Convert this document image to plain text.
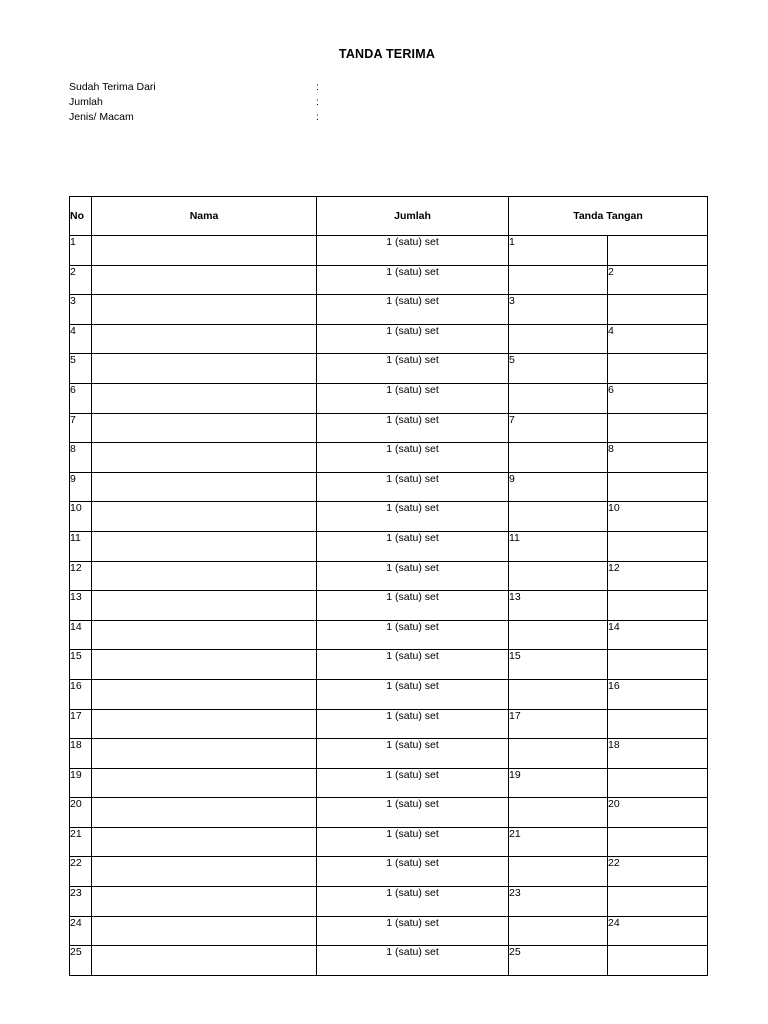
TANDA TERIMA
Sudah Terima Dari	:
Jumlah	:
Jenis/ Macam	:
No	Nama	Jumlah	Tanda Tangan	
1		1 (satu) set	1	
2		1 (satu) set		2
3		1 (satu) set	3	
4		1 (satu) set		4
5		1 (satu) set	5	
6		1 (satu) set		6
7		1 (satu) set	7	
8		1 (satu) set		8
9		1 (satu) set	9	
10		1 (satu) set		10
11		1 (satu) set	11	
12		1 (satu) set		12
13		1 (satu) set	13	
14		1 (satu) set		14
15		1 (satu) set	15	
16		1 (satu) set		16
17		1 (satu) set	17	
18		1 (satu) set		18
19		1 (satu) set	19	
20		1 (satu) set		20
21		1 (satu) set	21	
22		1 (satu) set		22
23		1 (satu) set	23	
24		1 (satu) set		24
25		1 (satu) set	25	
